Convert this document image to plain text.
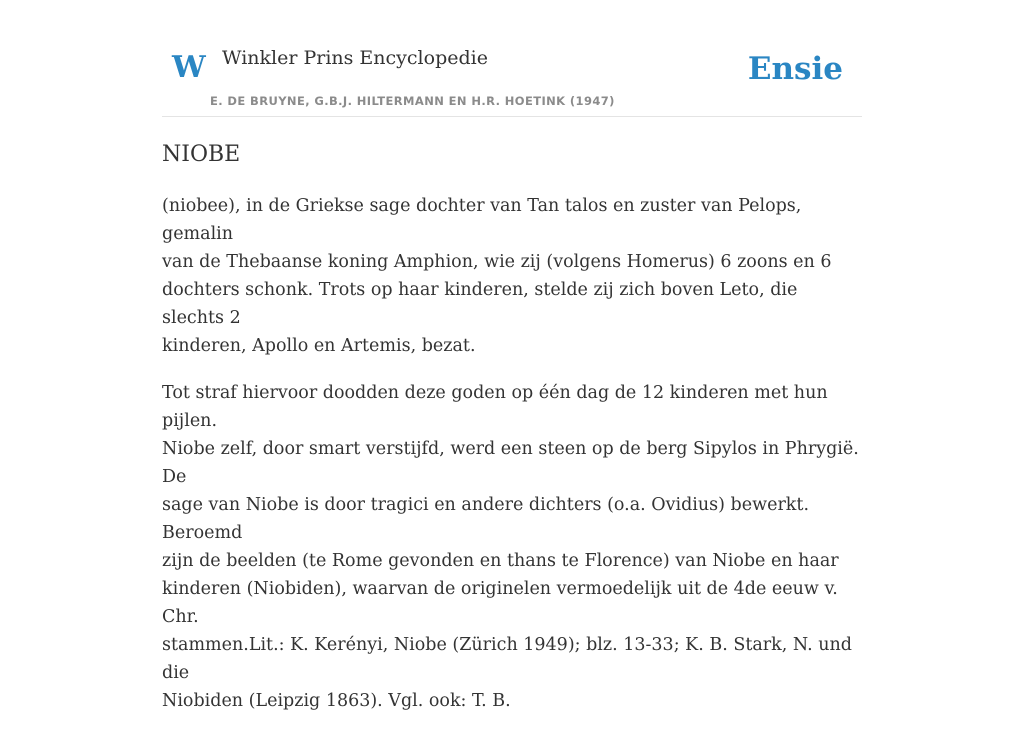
W Winkler Prins Encyclopedie
E. DE BRUYNE, G.B.J. HILTERMANN EN H.R. HOETINK (1947)
Ensie
NIOBE

(niobee), in de Griekse sage dochter van Tan talos en zuster van Pelops, gemalin
van de Thebaanse koning Amphion, wie zij (volgens Homerus) 6 zoons en 6
dochters schonk. Trots op haar kinderen, stelde zij zich boven Leto, die slechts 2
kinderen, Apollo en Artemis, bezat.

Tot straf hiervoor doodden deze goden op één dag de 12 kinderen met hun pijlen.
Niobe zelf, door smart verstijfd, werd een steen op de berg Sipylos in Phrygië. De
sage van Niobe is door tragici en andere dichters (o.a. Ovidius) bewerkt. Beroemd
zijn de beelden (te Rome gevonden en thans te Florence) van Niobe en haar
kinderen (Niobiden), waarvan de originelen vermoedelijk uit de 4de eeuw v. Chr.
stammen.Lit.: K. Kerényi, Niobe (Zürich 1949); blz. 13-33; K. B. Stark, N. und die
Niobiden (Leipzig 1863). Vgl. ook: T. B.
